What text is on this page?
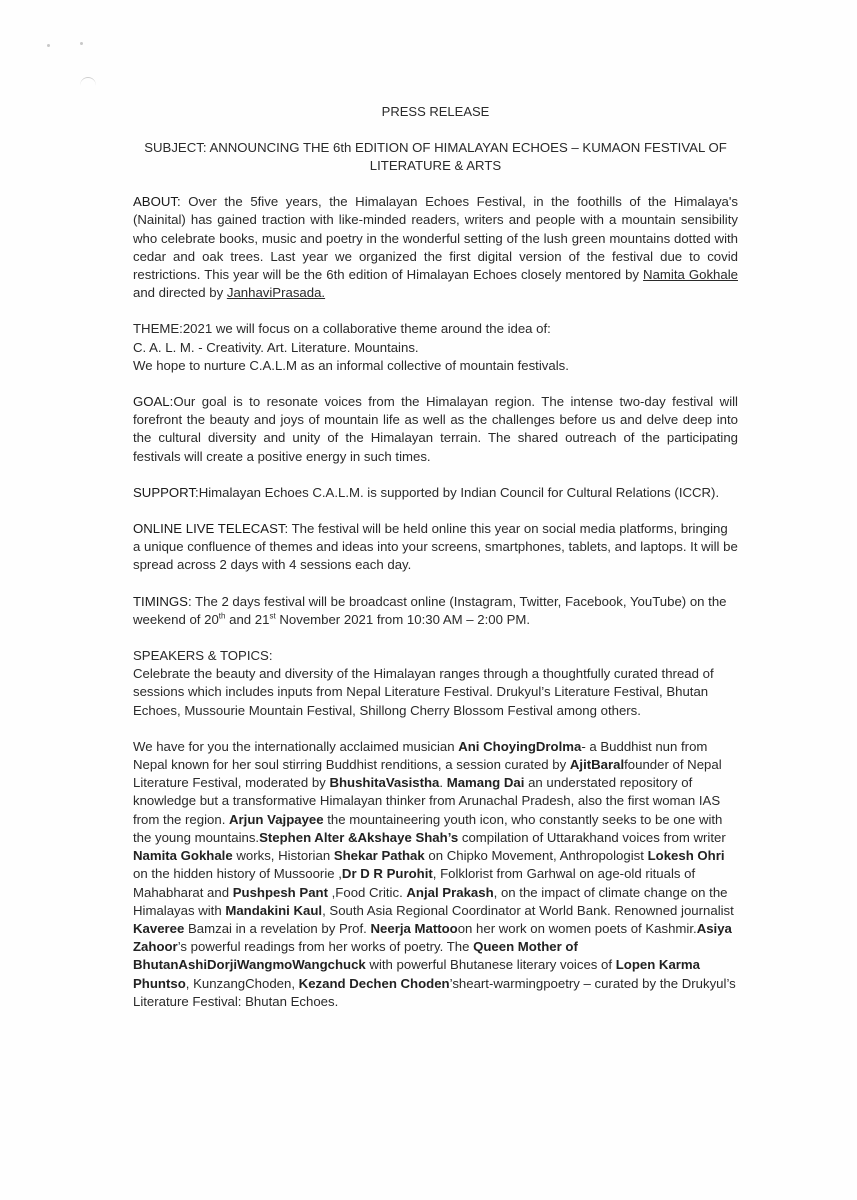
PRESS RELEASE
SUBJECT: ANNOUNCING THE 6th EDITION OF HIMALAYAN ECHOES – KUMAON FESTIVAL OF LITERATURE & ARTS

ABOUT: Over the 5five years, the Himalayan Echoes Festival, in the foothills of the Himalaya's (Nainital) has gained traction with like-minded readers, writers and people with a mountain sensibility who celebrate books, music and poetry in the wonderful setting of the lush green mountains dotted with cedar and oak trees. Last year we organized the first digital version of the festival due to covid restrictions. This year will be the 6th edition of Himalayan Echoes closely mentored by Namita Gokhale and directed by JanhaviPrasada.

THEME:2021 we will focus on a collaborative theme around the idea of:
C. A. L. M. - Creativity. Art. Literature. Mountains.
We hope to nurture C.A.L.M as an informal collective of mountain festivals.

GOAL:Our goal is to resonate voices from the Himalayan region. The intense two-day festival will forefront the beauty and joys of mountain life as well as the challenges before us and delve deep into the cultural diversity and unity of the Himalayan terrain. The shared outreach of the participating festivals will create a positive energy in such times.

SUPPORT:Himalayan Echoes C.A.L.M. is supported by Indian Council for Cultural Relations (ICCR).

ONLINE LIVE TELECAST: The festival will be held online this year on social media platforms, bringing a unique confluence of themes and ideas into your screens, smartphones, tablets, and laptops. It will be spread across 2 days with 4 sessions each day.

TIMINGS: The 2 days festival will be broadcast online (Instagram, Twitter, Facebook, YouTube) on the weekend of 20th and 21st November 2021 from 10:30 AM – 2:00 PM.

SPEAKERS & TOPICS:
Celebrate the beauty and diversity of the Himalayan ranges through a thoughtfully curated thread of sessions which includes inputs from Nepal Literature Festival. Drukyul’s Literature Festival, Bhutan Echoes, Mussourie Mountain Festival, Shillong Cherry Blossom Festival among others.

We have for you the internationally acclaimed musician Ani ChoyingDrolma- a Buddhist nun from Nepal known for her soul stirring Buddhist renditions, a session curated by AjitBaralfounder of Nepal Literature Festival, moderated by BhushitaVasistha. Mamang Dai an understated repository of knowledge but a transformative Himalayan thinker from Arunachal Pradesh, also the first woman IAS from the region. Arjun Vajpayee the mountaineering youth icon, who constantly seeks to be one with the young mountains.Stephen Alter &Akshaye Shah’s compilation of Uttarakhand voices from writer Namita Gokhale works, Historian Shekar Pathak on Chipko Movement, Anthropologist Lokesh Ohri on the hidden history of Mussoorie ,Dr D R Purohit, Folklorist from Garhwal on age-old rituals of Mahabharat and Pushpesh Pant ,Food Critic. Anjal Prakash, on the impact of climate change on the Himalayas with Mandakini Kaul, South Asia Regional Coordinator at World Bank. Renowned journalist Kaveree Bamzai in a revelation by Prof. Neerja Mattooon her work on women poets of Kashmir.Asiya Zahoor’s powerful readings from her works of poetry. The Queen Mother of BhutanAshiDorjiWangmoWangchuck with powerful Bhutanese literary voices of Lopen Karma Phuntso, KunzangChoden, Kezand Dechen Choden’sheart-warmingpoetry – curated by the Drukyul’s Literature Festival: Bhutan Echoes.
